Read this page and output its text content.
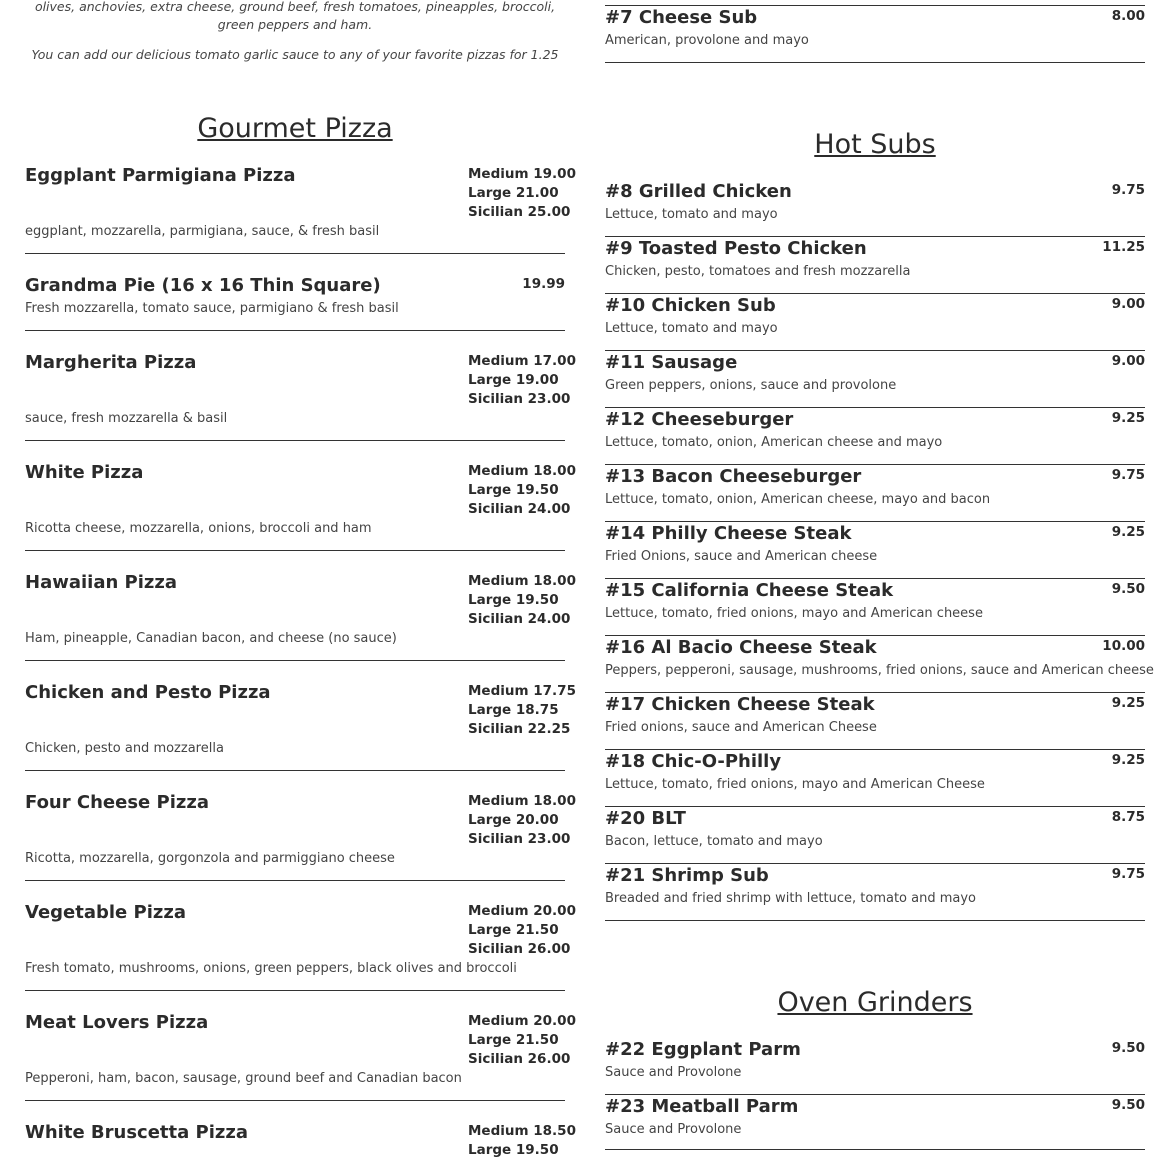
olives, anchovies, extra cheese, ground beef, fresh tomatoes, pineapples, broccoli, green peppers and ham.
You can add our delicious tomato garlic sauce to any of your favorite pizzas for 1.25
Gourmet Pizza
Eggplant Parmigiana Pizza	Medium 19.00
Large 21.00
Sicilian 25.00
eggplant, mozzarella, parmigiana, sauce, & fresh basil
Grandma Pie (16 x 16 Thin Square)	19.99
Fresh mozzarella, tomato sauce, parmigiano & fresh basil
Margherita Pizza	Medium 17.00
Large 19.00
Sicilian 23.00
sauce, fresh mozzarella & basil
White Pizza	Medium 18.00
Large 19.50
Sicilian 24.00
Ricotta cheese, mozzarella, onions, broccoli and ham
Hawaiian Pizza	Medium 18.00
Large 19.50
Sicilian 24.00
Ham, pineapple, Canadian bacon, and cheese (no sauce)
Chicken and Pesto Pizza	Medium 17.75
Large 18.75
Sicilian 22.25
Chicken, pesto and mozzarella
Four Cheese Pizza	Medium 18.00
Large 20.00
Sicilian 23.00
Ricotta, mozzarella, gorgonzola and parmiggiano cheese
Vegetable Pizza	Medium 20.00
Large 21.50
Sicilian 26.00
Fresh tomato, mushrooms, onions, green peppers, black olives and broccoli
Meat Lovers Pizza	Medium 20.00
Large 21.50
Sicilian 26.00
Pepperoni, ham, bacon, sausage, ground beef and Canadian bacon
White Bruscetta Pizza	Medium 18.50
Large 19.50
#7 Cheese Sub	8.00
American, provolone and mayo
Hot Subs
#8 Grilled Chicken	9.75
Lettuce, tomato and mayo
#9 Toasted Pesto Chicken	11.25
Chicken, pesto, tomatoes and fresh mozzarella
#10 Chicken Sub	9.00
Lettuce, tomato and mayo
#11 Sausage	9.00
Green peppers, onions, sauce and provolone
#12 Cheeseburger	9.25
Lettuce, tomato, onion, American cheese and mayo
#13 Bacon Cheeseburger	9.75
Lettuce, tomato, onion, American cheese, mayo and bacon
#14 Philly Cheese Steak	9.25
Fried Onions, sauce and American cheese
#15 California Cheese Steak	9.50
Lettuce, tomato, fried onions, mayo and American cheese
#16 Al Bacio Cheese Steak	10.00
Peppers, pepperoni, sausage, mushrooms, fried onions, sauce and American cheese
#17 Chicken Cheese Steak	9.25
Fried onions, sauce and American Cheese
#18 Chic-O-Philly	9.25
Lettuce, tomato, fried onions, mayo and American Cheese
#20 BLT	8.75
Bacon, lettuce, tomato and mayo
#21 Shrimp Sub	9.75
Breaded and fried shrimp with lettuce, tomato and mayo
Oven Grinders
#22 Eggplant Parm	9.50
Sauce and Provolone
#23 Meatball Parm	9.50
Sauce and Provolone
